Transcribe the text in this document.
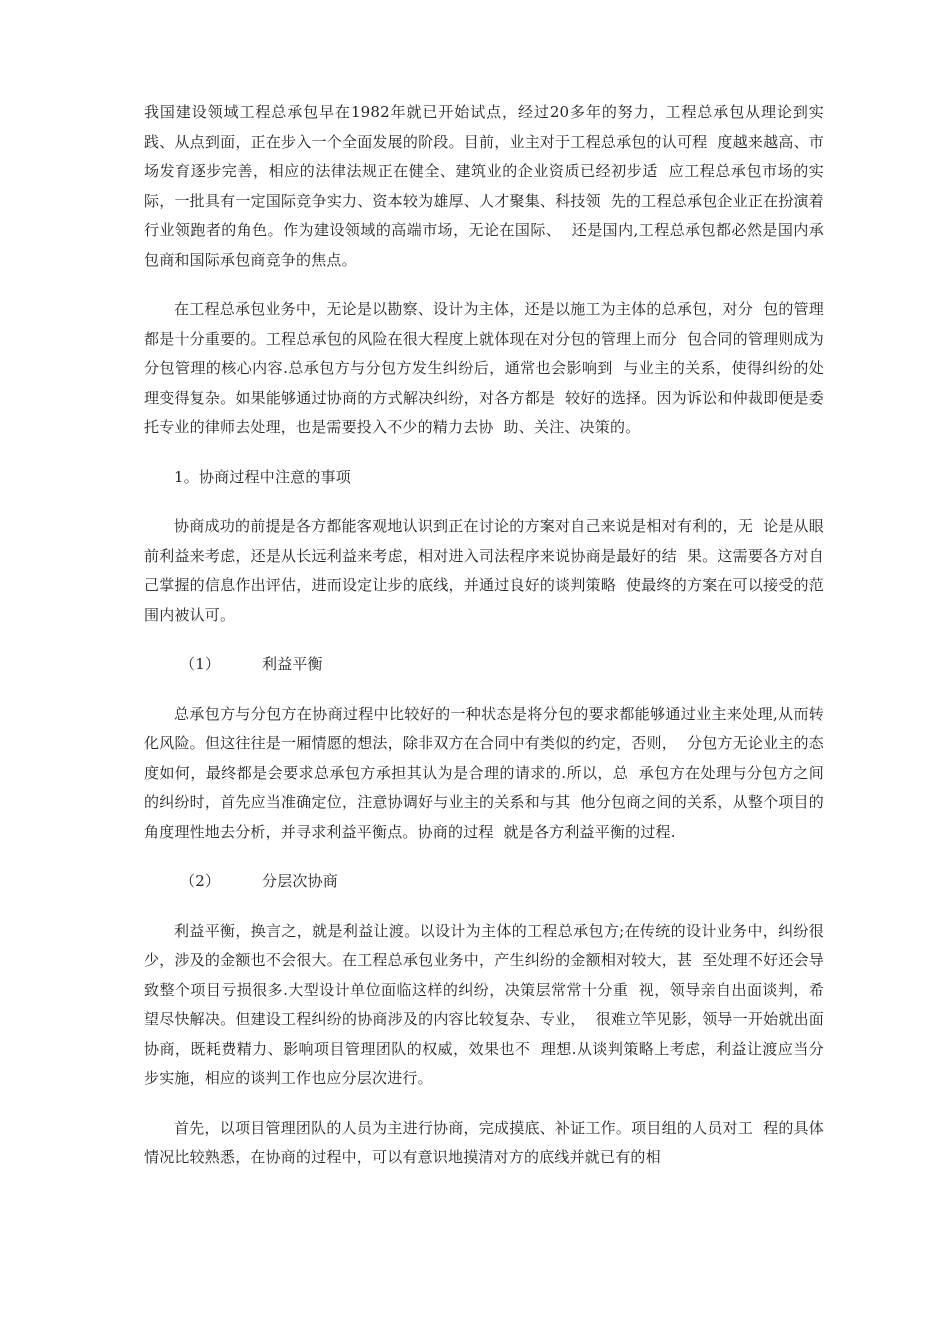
我国建设领域工程总承包早在1982年就已开始试点，经过20多年的努力，工程总承包从理论到实践、从点到面，正在步入一个全面发展的阶段。目前，业主对于工程总承包的认可程  度越来越高、市场发育逐步完善，相应的法律法规正在健全、建筑业的企业资质已经初步适  应工程总承包市场的实际，一批具有一定国际竞争实力、资本较为雄厚、人才聚集、科技领  先的工程总承包企业正在扮演着行业领跑者的角色。作为建设领域的高端市场，无论在国际、  还是国内,工程总承包都必然是国内承包商和国际承包商竞争的焦点。

在工程总承包业务中，无论是以勘察、设计为主体，还是以施工为主体的总承包，对分  包的管理都是十分重要的。工程总承包的风险在很大程度上就体现在对分包的管理上而分  包合同的管理则成为分包管理的核心内容.总承包方与分包方发生纠纷后，通常也会影响到  与业主的关系，使得纠纷的处理变得复杂。如果能够通过协商的方式解决纠纷，对各方都是  较好的选择。因为诉讼和仲裁即便是委托专业的律师去处理，也是需要投入不少的精力去协  助、关注、决策的。

1。协商过程中注意的事项

协商成功的前提是各方都能客观地认识到正在讨论的方案对自己来说是相对有利的，无  论是从眼前利益来考虑，还是从长远利益来考虑，相对进入司法程序来说协商是最好的结  果。这需要各方对自己掌握的信息作出评估，进而设定让步的底线，并通过良好的谈判策略  使最终的方案在可以接受的范围内被认可。

（1）	利益平衡

总承包方与分包方在协商过程中比较好的一种状态是将分包的要求都能够通过业主来处理,从而转化风险。但这往往是一厢情愿的想法，除非双方在合同中有类似的约定，否则，  分包方无论业主的态度如何，最终都是会要求总承包方承担其认为是合理的请求的.所以，总  承包方在处理与分包方之间的纠纷时，首先应当准确定位，注意协调好与业主的关系和与其  他分包商之间的关系，从整个项目的角度理性地去分析，并寻求利益平衡点。协商的过程  就是各方利益平衡的过程.

（2）	分层次协商

利益平衡，换言之，就是利益让渡。以设计为主体的工程总承包方;在传统的设计业务中，纠纷很少，涉及的金额也不会很大。在工程总承包业务中，产生纠纷的金额相对较大，甚  至处理不好还会导致整个项目亏损很多.大型设计单位面临这样的纠纷，决策层常常十分重  视，领导亲自出面谈判，希望尽快解决。但建设工程纠纷的协商涉及的内容比较复杂、专业，  很难立竿见影，领导一开始就出面协商，既耗费精力、影响项目管理团队的权威，效果也不  理想.从谈判策略上考虑，利益让渡应当分步实施，相应的谈判工作也应分层次进行。

首先，以项目管理团队的人员为主进行协商，完成摸底、补证工作。项目组的人员对工  程的具体情况比较熟悉，在协商的过程中，可以有意识地摸清对方的底线并就已有的相
